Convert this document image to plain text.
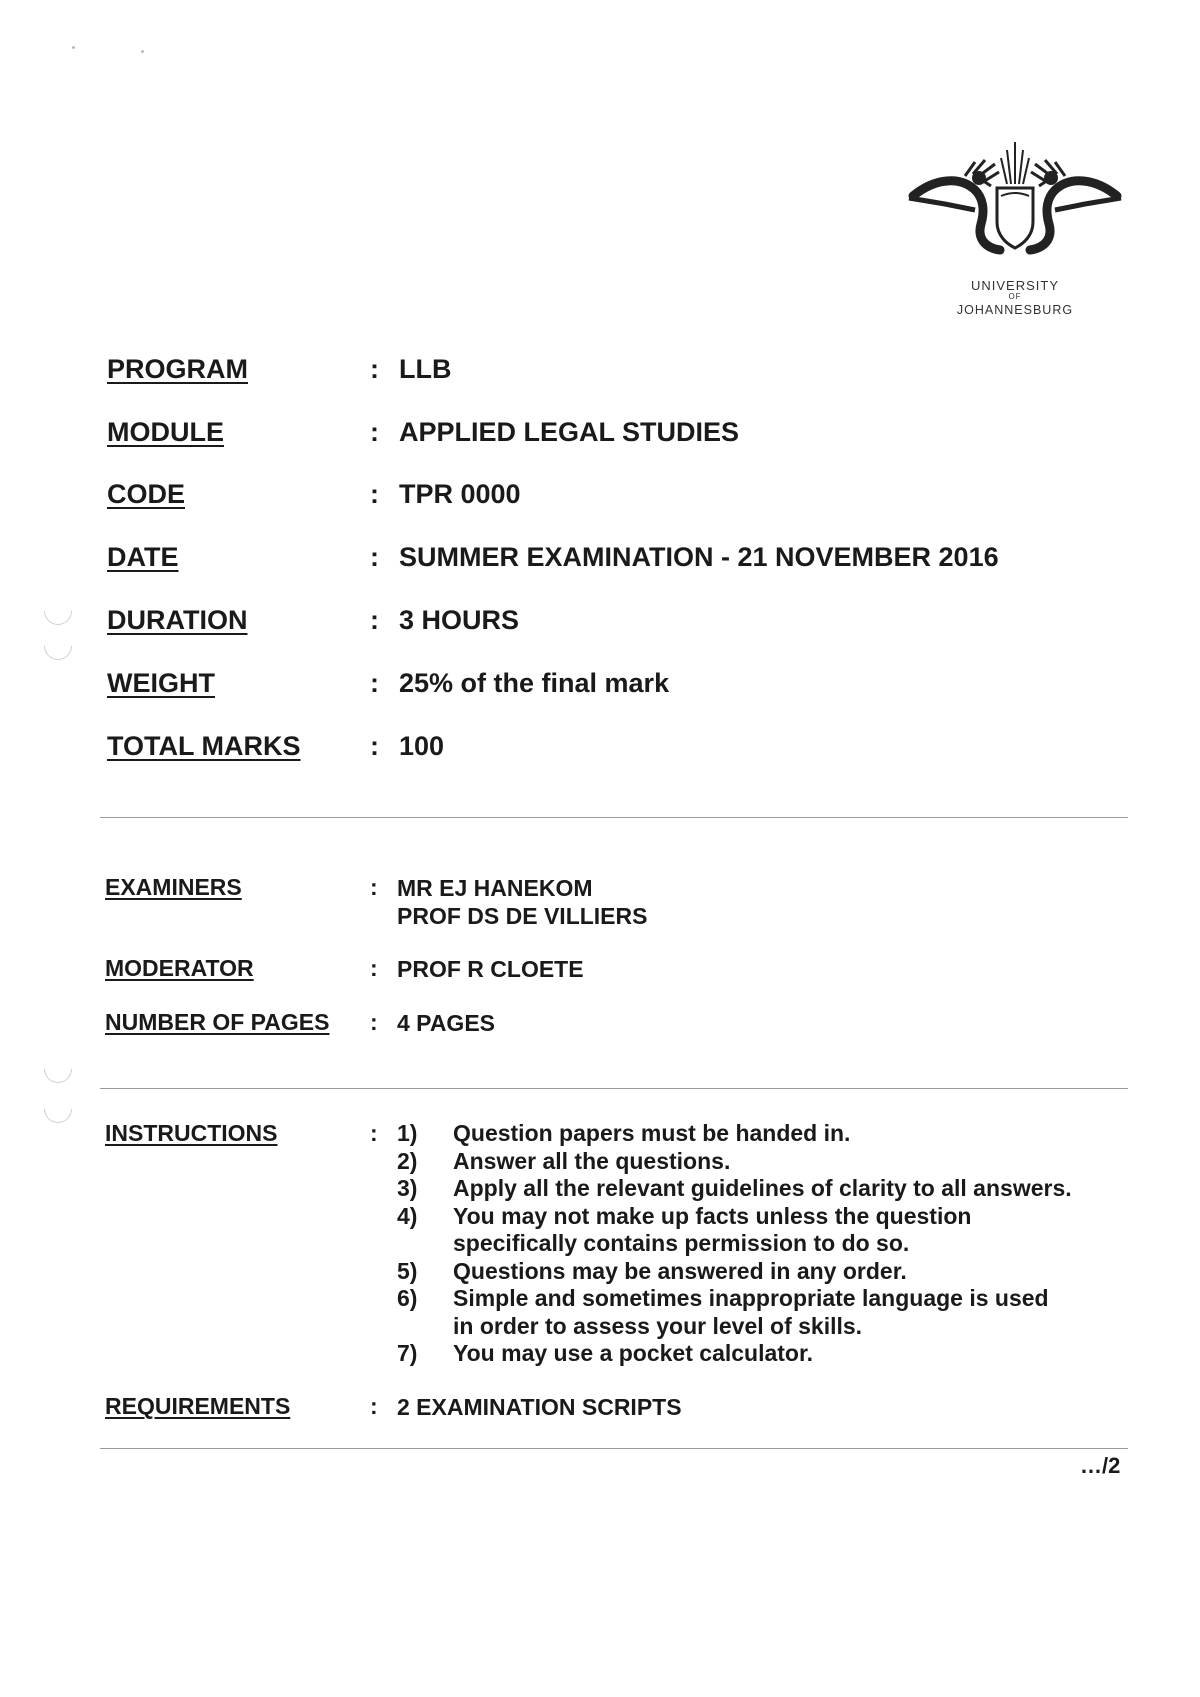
UNIVERSITY
OF
JOHANNESBURG
PROGRAM	: LLB
MODULE	: APPLIED LEGAL STUDIES
CODE	: TPR 0000
DATE	: SUMMER EXAMINATION - 21 NOVEMBER 2016
DURATION	: 3 HOURS
WEIGHT	: 25% of the final mark
TOTAL MARKS	: 100
EXAMINERS	: MR EJ HANEKOM
PROF DS DE VILLIERS
MODERATOR	: PROF R CLOETE
NUMBER OF PAGES : 4 PAGES
INSTRUCTIONS	: 1) Question papers must be handed in.
2) Answer all the questions.
3) Apply all the relevant guidelines of clarity to all answers.
4) You may not make up facts unless the question specifically contains permission to do so.
5) Questions may be answered in any order.
6) Simple and sometimes inappropriate language is used in order to assess your level of skills.
7) You may use a pocket calculator.
REQUIREMENTS	: 2 EXAMINATION SCRIPTS
…/2
